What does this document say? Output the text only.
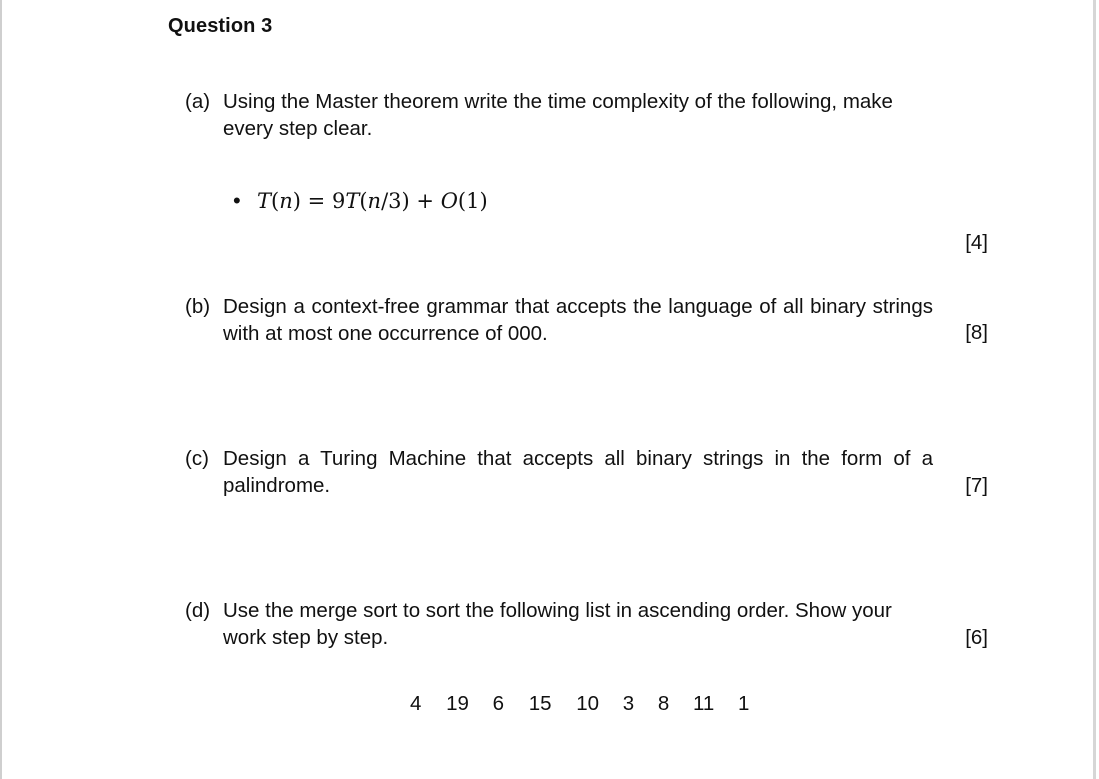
Question 3
(a) Using the Master theorem write the time complexity of the following, make
every step clear.
• T(n) = 9T(n/3) + O(1)
[4]
(b) Design a context-free grammar that accepts the language of all binary strings with at most one occurrence of 000.	[8]
(c) Design a Turing Machine that accepts all binary strings in the form of a palindrome.	[7]
(d) Use the merge sort to sort the following list in ascending order. Show your
work step by step.	[6]
4 19 6 15 10 3 8 11 1
